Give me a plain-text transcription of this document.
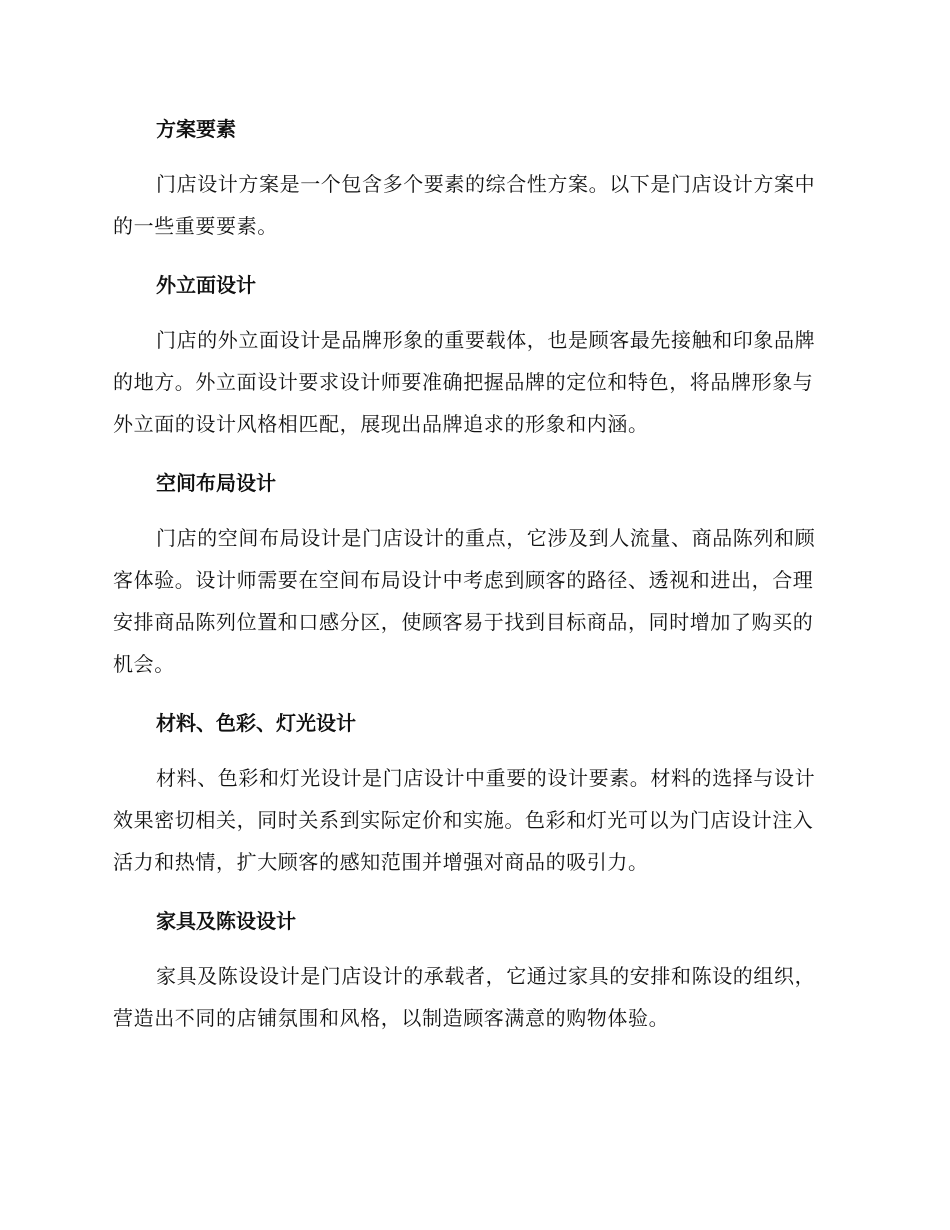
方案要素

门店设计方案是一个包含多个要素的综合性方案。以下是门店设计方案中的一些重要要素。

外立面设计

门店的外立面设计是品牌形象的重要载体，也是顾客最先接触和印象品牌的地方。外立面设计要求设计师要准确把握品牌的定位和特色，将品牌形象与外立面的设计风格相匹配，展现出品牌追求的形象和内涵。

空间布局设计

门店的空间布局设计是门店设计的重点，它涉及到人流量、商品陈列和顾客体验。设计师需要在空间布局设计中考虑到顾客的路径、透视和进出，合理安排商品陈列位置和口感分区，使顾客易于找到目标商品，同时增加了购买的机会。

材料、色彩、灯光设计

材料、色彩和灯光设计是门店设计中重要的设计要素。材料的选择与设计效果密切相关，同时关系到实际定价和实施。色彩和灯光可以为门店设计注入活力和热情，扩大顾客的感知范围并增强对商品的吸引力。

家具及陈设设计

家具及陈设设计是门店设计的承载者，它通过家具的安排和陈设的组织，营造出不同的店铺氛围和风格，以制造顾客满意的购物体验。
